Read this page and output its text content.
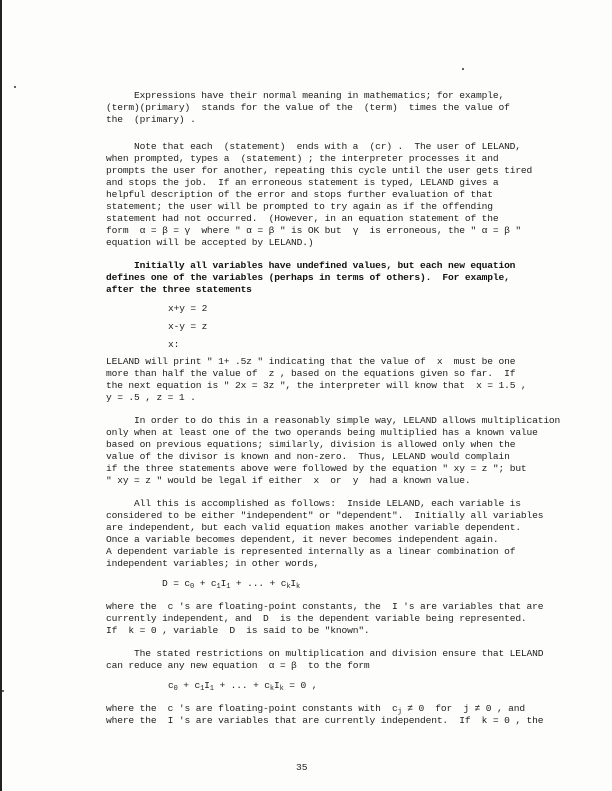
Expressions have their normal meaning in mathematics; for example,
(term)(primary)  stands for the value of the  (term)  times the value of
the  (primary) .
Note that each  (statement)  ends with a  (cr) .  The user of LELAND,
when prompted, types a  (statement) ; the interpreter processes it and
prompts the user for another, repeating this cycle until the user gets tired
and stops the job.  If an erroneous statement is typed, LELAND gives a
helpful description of the error and stops further evaluation of that
statement; the user will be prompted to try again as if the offending
statement had not occurred.  (However, in an equation statement of the
form  α = β = γ  where " α = β " is OK but  γ  is erroneous, the " α = β "
equation will be accepted by LELAND.)
Initially all variables have undefined values, but each new equation
defines one of the variables (perhaps in terms of others).  For example,
after the three statements
x+y = 2
x-y = z
x:
LELAND will print " 1+ .5z " indicating that the value of  x  must be one
more than half the value of  z , based on the equations given so far.  If
the next equation is " 2x = 3z ", the interpreter will know that  x = 1.5 ,
y = .5 , z = 1 .
In order to do this in a reasonably simple way, LELAND allows multiplication
only when at least one of the two operands being multiplied has a known value
based on previous equations; similarly, division is allowed only when the
value of the divisor is known and non-zero.  Thus, LELAND would complain
if the three statements above were followed by the equation " xy = z "; but
" xy = z " would be legal if either  x  or  y  had a known value.
All this is accomplished as follows:  Inside LELAND, each variable is
considered to be either "independent" or "dependent".  Initially all variables
are independent, but each valid equation makes another variable dependent.
Once a variable becomes dependent, it never becomes independent again.
A dependent variable is represented internally as a linear combination of
independent variables; in other words,
$D = c_0 + c_1I_1$ + ... + $c_kI_k$
where the  c 's are floating-point constants, the  I 's are variables that are
currently independent, and  D  is the dependent variable being represented.
If  k = 0 , variable  D  is said to be "known".
The stated restrictions on multiplication and division ensure that LELAND
can reduce any new equation  α = β  to the form
$c_0 + c_1I_1$ + ... + $c_kI_k = 0$ ,
where the  c 's are floating-point constants with  $c_j \ne 0$  for  j ≠ 0 , and
where the  I 's are variables that are currently independent.  If  k = 0 , the
35
